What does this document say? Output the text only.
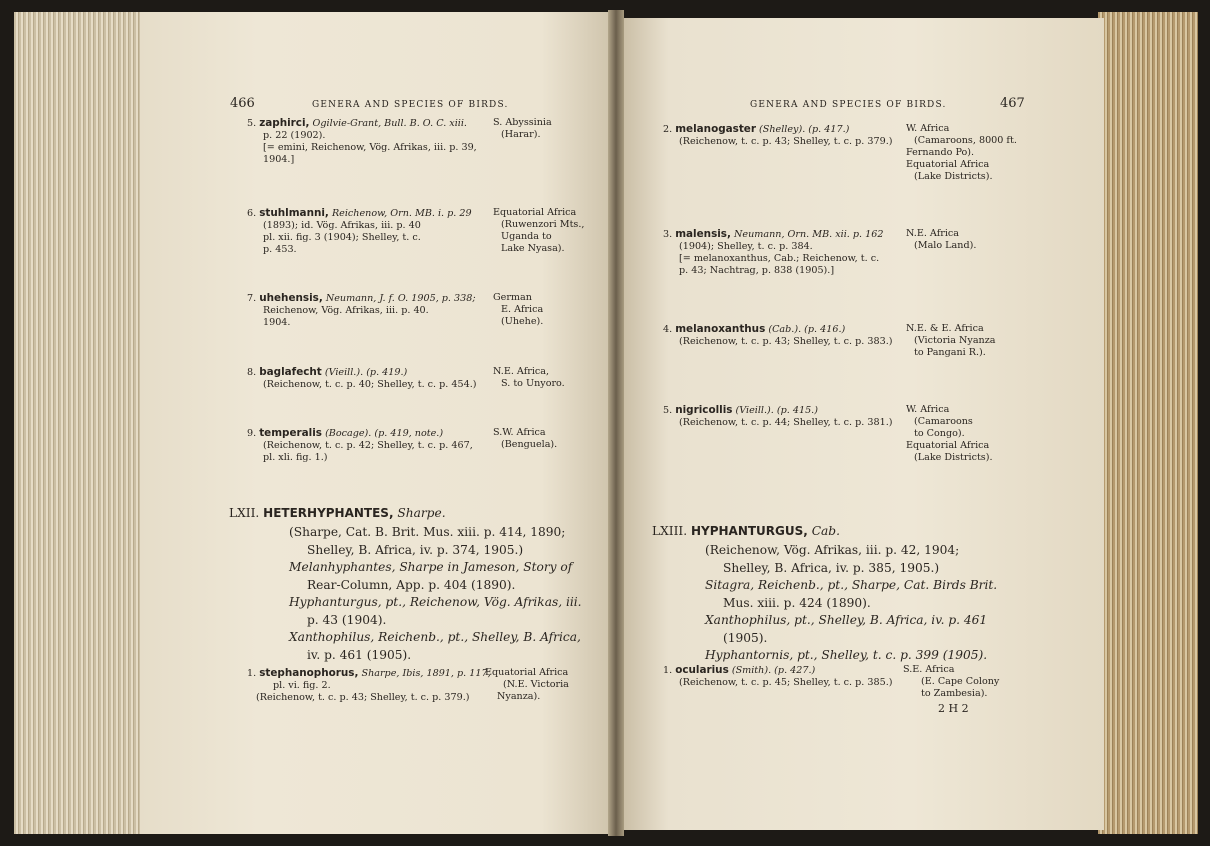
466	GENERA AND SPECIES OF BIRDS.
5. zaphirci, Ogilvie-Grant, Bull. B. O. C. xiii.
p. 22 (1902).
[= emini, Reichenow, Vög. Afrikas, iii. p. 39,
1904.]
S. Abyssinia
(Harar).
6. stuhlmanni, Reichenow, Orn. MB. i. p. 29
(1893); id. Vög. Afrikas, iii. p. 40
pl. xii. fig. 3 (1904); Shelley, t. c.
p. 453.
Equatorial Africa
(Ruwenzori Mts.,
Uganda to
Lake Nyasa).
7. uhehensis, Neumann, J. f. O. 1905, p. 338;
Reichenow, Vög. Afrikas, iii. p. 40.
1904.
German
E. Africa
(Uhehe).
8. baglafecht (Vieill.). (p. 419.)
(Reichenow, t. c. p. 40; Shelley, t. c. p. 454.)
N.E. Africa,
S. to Unyoro.
9. temperalis (Bocage). (p. 419, note.)
(Reichenow, t. c. p. 42; Shelley, t. c. p. 467,
pl. xli. fig. 1.)
S.W. Africa
(Benguela).
LXII. HETERHYPHANTES, Sharpe.
(Sharpe, Cat. B. Brit. Mus. xiii. p. 414, 1890;
Shelley, B. Africa, iv. p. 374, 1905.)
Melanhyphantes, Sharpe in Jameson, Story of
Rear-Column, App. p. 404 (1890).
Hyphanturgus, pt., Reichenow, Vög. Afrikas, iii.
p. 43 (1904).
Xanthophilus, Reichenb., pt., Shelley, B. Africa,
iv. p. 461 (1905).
1. stephanophorus, Sharpe, Ibis, 1891, p. 117,
pl. vi. fig. 2.
(Reichenow, t. c. p. 43; Shelley, t. c. p. 379.)
Equatorial Africa
(N.E. Victoria
Nyanza).
GENERA AND SPECIES OF BIRDS.	467
2. melanogaster (Shelley). (p. 417.)
(Reichenow, t. c. p. 43; Shelley, t. c. p. 379.)
W. Africa
(Camaroons, 8000 ft.
Fernando Po).
Equatorial Africa
(Lake Districts).
3. malensis, Neumann, Orn. MB. xii. p. 162
(1904); Shelley, t. c. p. 384.
[= melanoxanthus, Cab.; Reichenow, t. c.
p. 43; Nachtrag, p. 838 (1905).]
N.E. Africa
(Malo Land).
4. melanoxanthus (Cab.). (p. 416.)
(Reichenow, t. c. p. 43; Shelley, t. c. p. 383.)
N.E. & E. Africa
(Victoria Nyanza
to Pangani R.).
5. nigricollis (Vieill.). (p. 415.)
(Reichenow, t. c. p. 44; Shelley, t. c. p. 381.)
W. Africa
(Camaroons
to Congo).
Equatorial Africa
(Lake Districts).
LXIII. HYPHANTURGUS, Cab.
(Reichenow, Vög. Afrikas, iii. p. 42, 1904;
Shelley, B. Africa, iv. p. 385, 1905.)
Sitagra, Reichenb., pt., Sharpe, Cat. Birds Brit.
Mus. xiii. p. 424 (1890).
Xanthophilus, pt., Shelley, B. Africa, iv. p. 461
(1905).
Hyphantornis, pt., Shelley, t. c. p. 399 (1905).
1. ocularius (Smith). (p. 427.)
(Reichenow, t. c. p. 45; Shelley, t. c. p. 385.)
S.E. Africa
(E. Cape Colony
to Zambesia).
2 H 2
